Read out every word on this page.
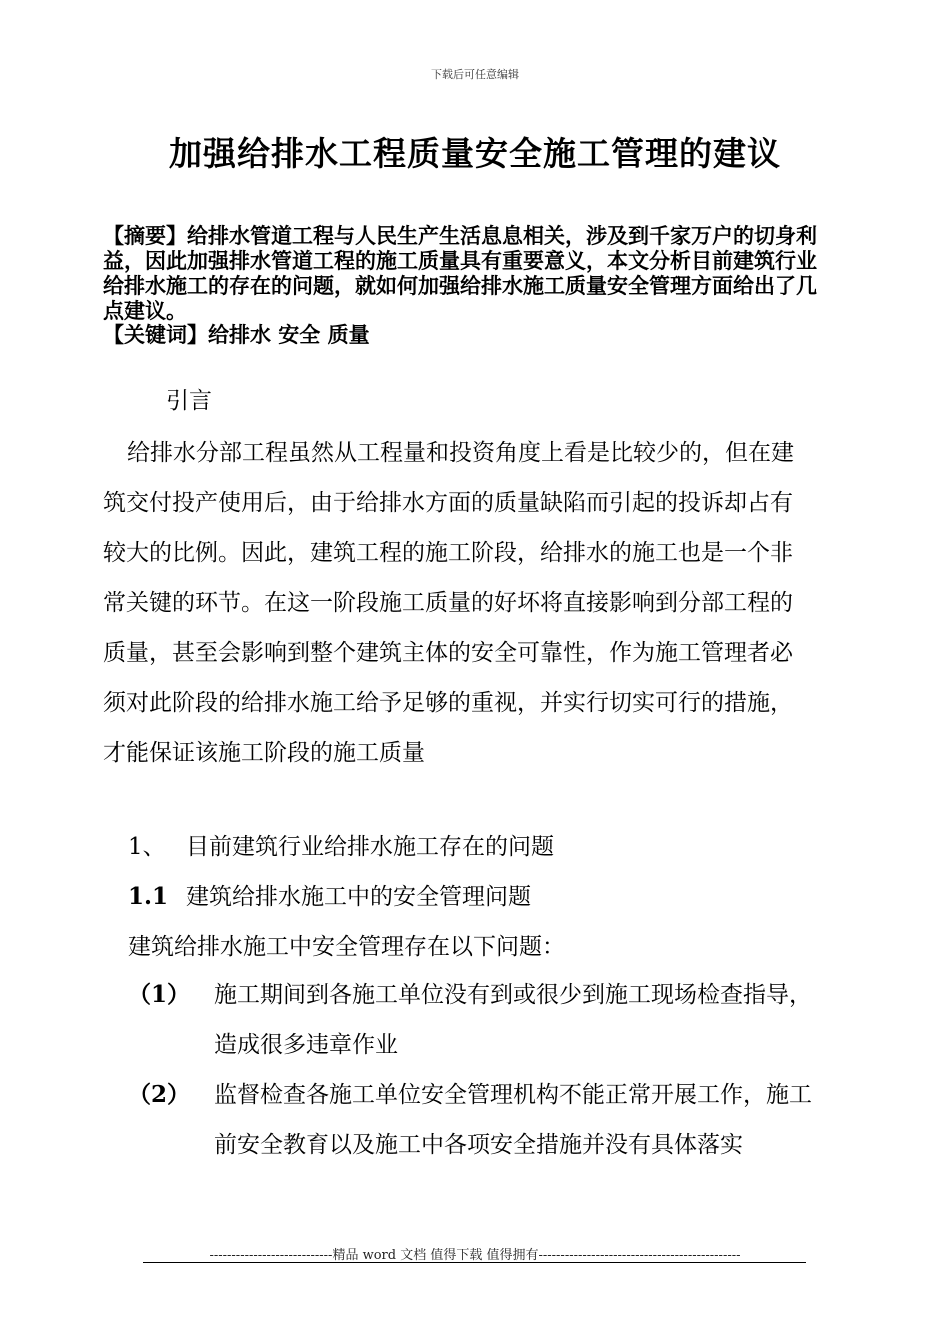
下载后可任意编辑
加强给排水工程质量安全施工管理的建议
【摘要】给排水管道工程与人民生产生活息息相关，涉及到千家万户的切身利益，因此加强排水管道工程的施工质量具有重要意义，本文分析目前建筑行业给排水施工的存在的问题，就如何加强给排水施工质量安全管理方面给出了几点建议。
【关键词】给排水 安全 质量
引言
给排水分部工程虽然从工程量和投资角度上看是比较少的，但在建筑交付投产使用后，由于给排水方面的质量缺陷而引起的投诉却占有较大的比例。因此，建筑工程的施工阶段，给排水的施工也是一个非常关键的环节。在这一阶段施工质量的好坏将直接影响到分部工程的质量，甚至会影响到整个建筑主体的安全可靠性，作为施工管理者必须对此阶段的给排水施工给予足够的重视，并实行切实可行的措施，才能保证该施工阶段的施工质量
1、 目前建筑行业给排水施工存在的问题
1.1 建筑给排水施工中的安全管理问题
建筑给排水施工中安全管理存在以下问题：
（1） 施工期间到各施工单位没有到或很少到施工现场检查指导，造成很多违章作业
（2） 监督检查各施工单位安全管理机构不能正常开展工作，施工前安全教育以及施工中各项安全措施并没有具体落实
----------------------------精品 word 文档 值得下载 值得拥有----------------------------------------------
